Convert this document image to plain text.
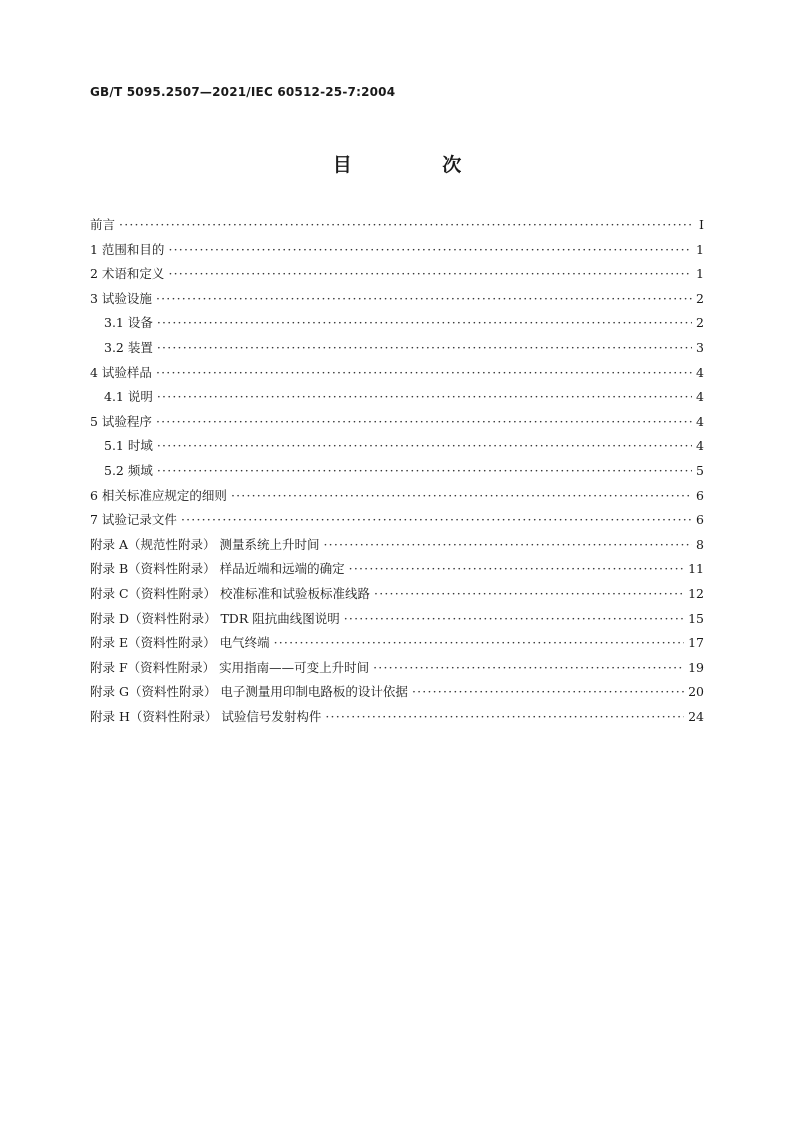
GB/T 5095.2507—2021/IEC 60512-25-7:2004
目 次
前言 ·····	Ⅰ
1 范围和目的 ·····	1
2 术语和定义 ·····	1
3 试验设施 ·····	2
3.1 设备 ·····	2
3.2 装置 ·····	3
4 试验样品 ·····	4
4.1 说明 ·····	4
5 试验程序 ·····	4
5.1 时域 ·····	4
5.2 频域 ·····	5
6 相关标准应规定的细则 ·····	6
7 试验记录文件 ·····	6
附录 A（规范性附录） 测量系统上升时间 ·····	8
附录 B（资料性附录） 样品近端和远端的确定 ·····	11
附录 C（资料性附录） 校准标准和试验板标准线路 ·····	12
附录 D（资料性附录） TDR 阻抗曲线图说明 ·····	15
附录 E（资料性附录） 电气终端 ·····	17
附录 F（资料性附录） 实用指南——可变上升时间 ·····	19
附录 G（资料性附录） 电子测量用印制电路板的设计依据 ·····	20
附录 H（资料性附录） 试验信号发射构件 ·····	24
